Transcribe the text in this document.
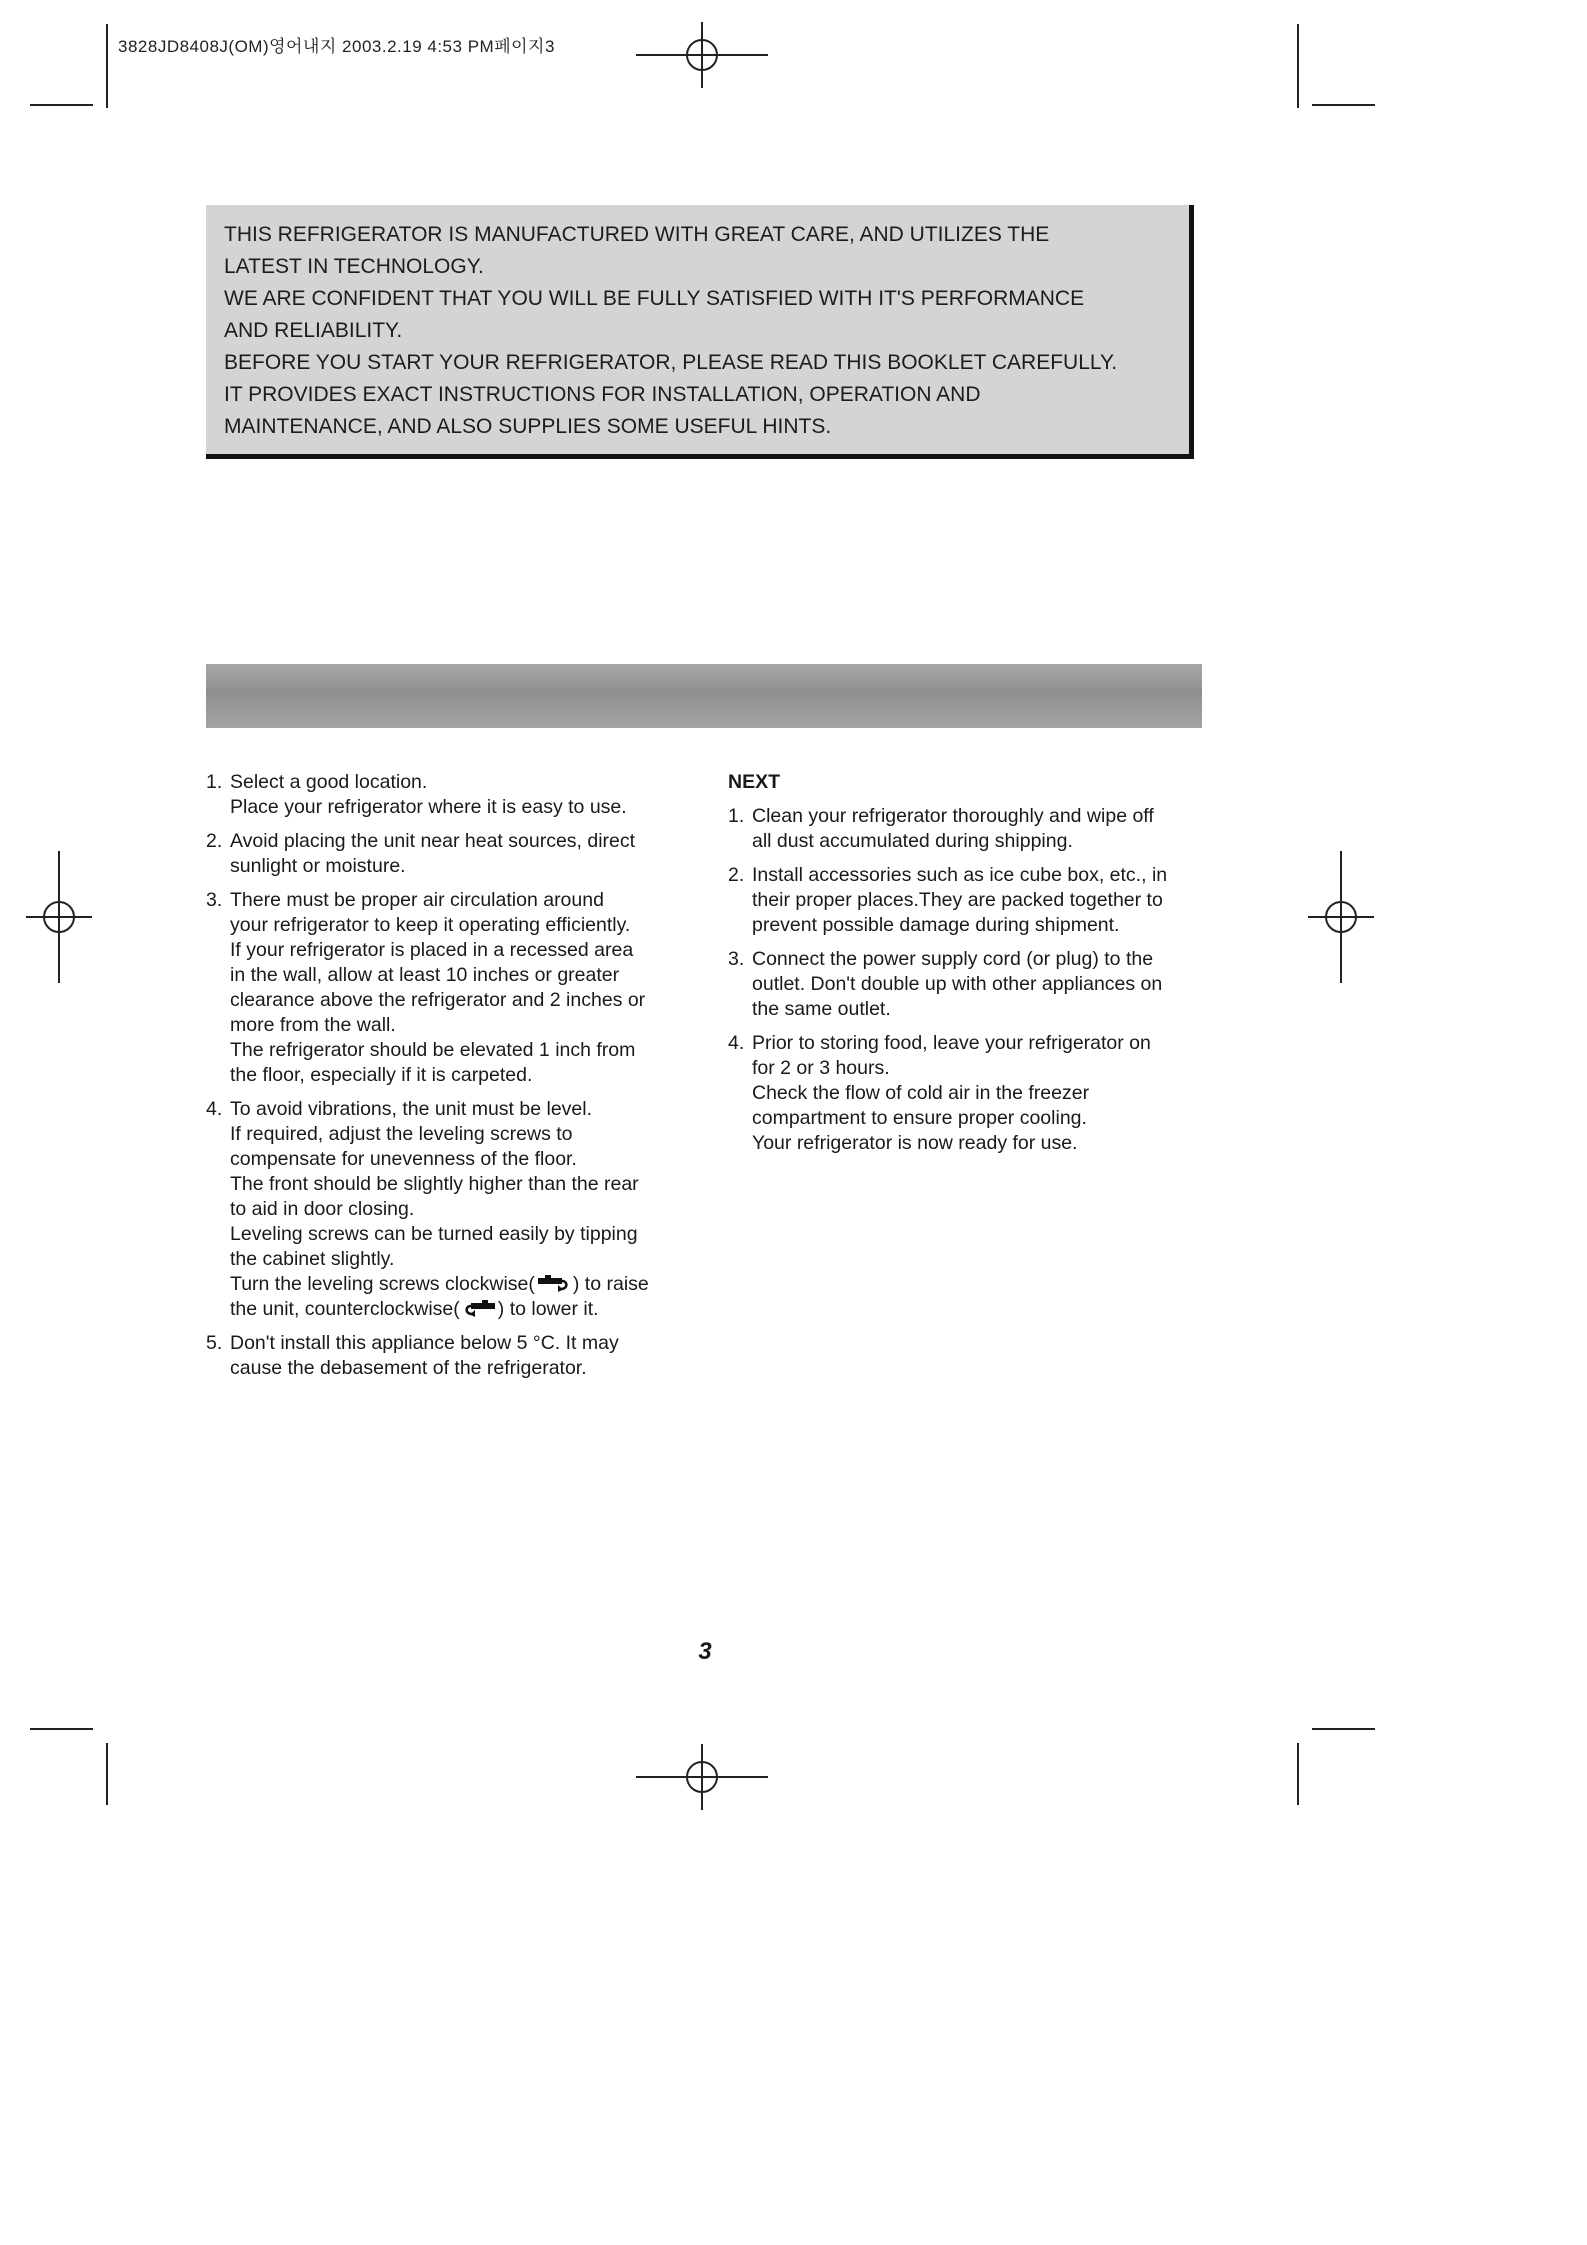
3828JD8408J(OM)영어내지 2003.2.19 4:53 PM페이지3

THIS REFRIGERATOR IS MANUFACTURED WITH GREAT CARE, AND UTILIZES THE

LATEST IN TECHNOLOGY.

WE ARE CONFIDENT THAT YOU WILL BE FULLY SATISFIED WITH IT'S PERFORMANCE

AND RELIABILITY.

BEFORE YOU START YOUR REFRIGERATOR, PLEASE READ THIS BOOKLET CAREFULLY.

IT PROVIDES EXACT INSTRUCTIONS FOR INSTALLATION, OPERATION AND

MAINTENANCE, AND ALSO SUPPLIES SOME USEFUL HINTS.

1. Select a good location.
Place your refrigerator where it is easy to use.
2. Avoid placing the unit near heat sources, direct
sunlight or moisture.
3. There must be proper air circulation around
your refrigerator to keep it operating efficiently.
If your refrigerator is placed in a recessed area
in the wall, allow at least 10 inches or greater
clearance above the refrigerator and 2 inches or
more from the wall.
The refrigerator should be elevated 1 inch from
the floor, especially if it is carpeted.
4. To avoid vibrations, the unit must be level.
If required, adjust the leveling screws to
compensate for unevenness of the floor.
The front should be slightly higher than the rear
to aid in door closing.
Leveling screws can be turned easily by tipping
the cabinet slightly.
Turn the leveling screws clockwise( ) to raise
the unit, counterclockwise( ) to lower it.
5. Don't install this appliance below 5 °C. It may
cause the debasement of the refrigerator.
NEXT
1. Clean your refrigerator thoroughly and wipe off
all dust accumulated during shipping.
2. Install accessories such as ice cube box, etc., in
their proper places.They are packed together to
prevent possible damage during shipment.
3. Connect the power supply cord (or plug) to the
outlet. Don't double up with other appliances on
the same outlet.
4. Prior to storing food, leave your refrigerator on
for 2 or 3 hours.
Check the flow of cold air in the freezer
compartment to ensure proper cooling.
Your refrigerator is now ready for use.
3
